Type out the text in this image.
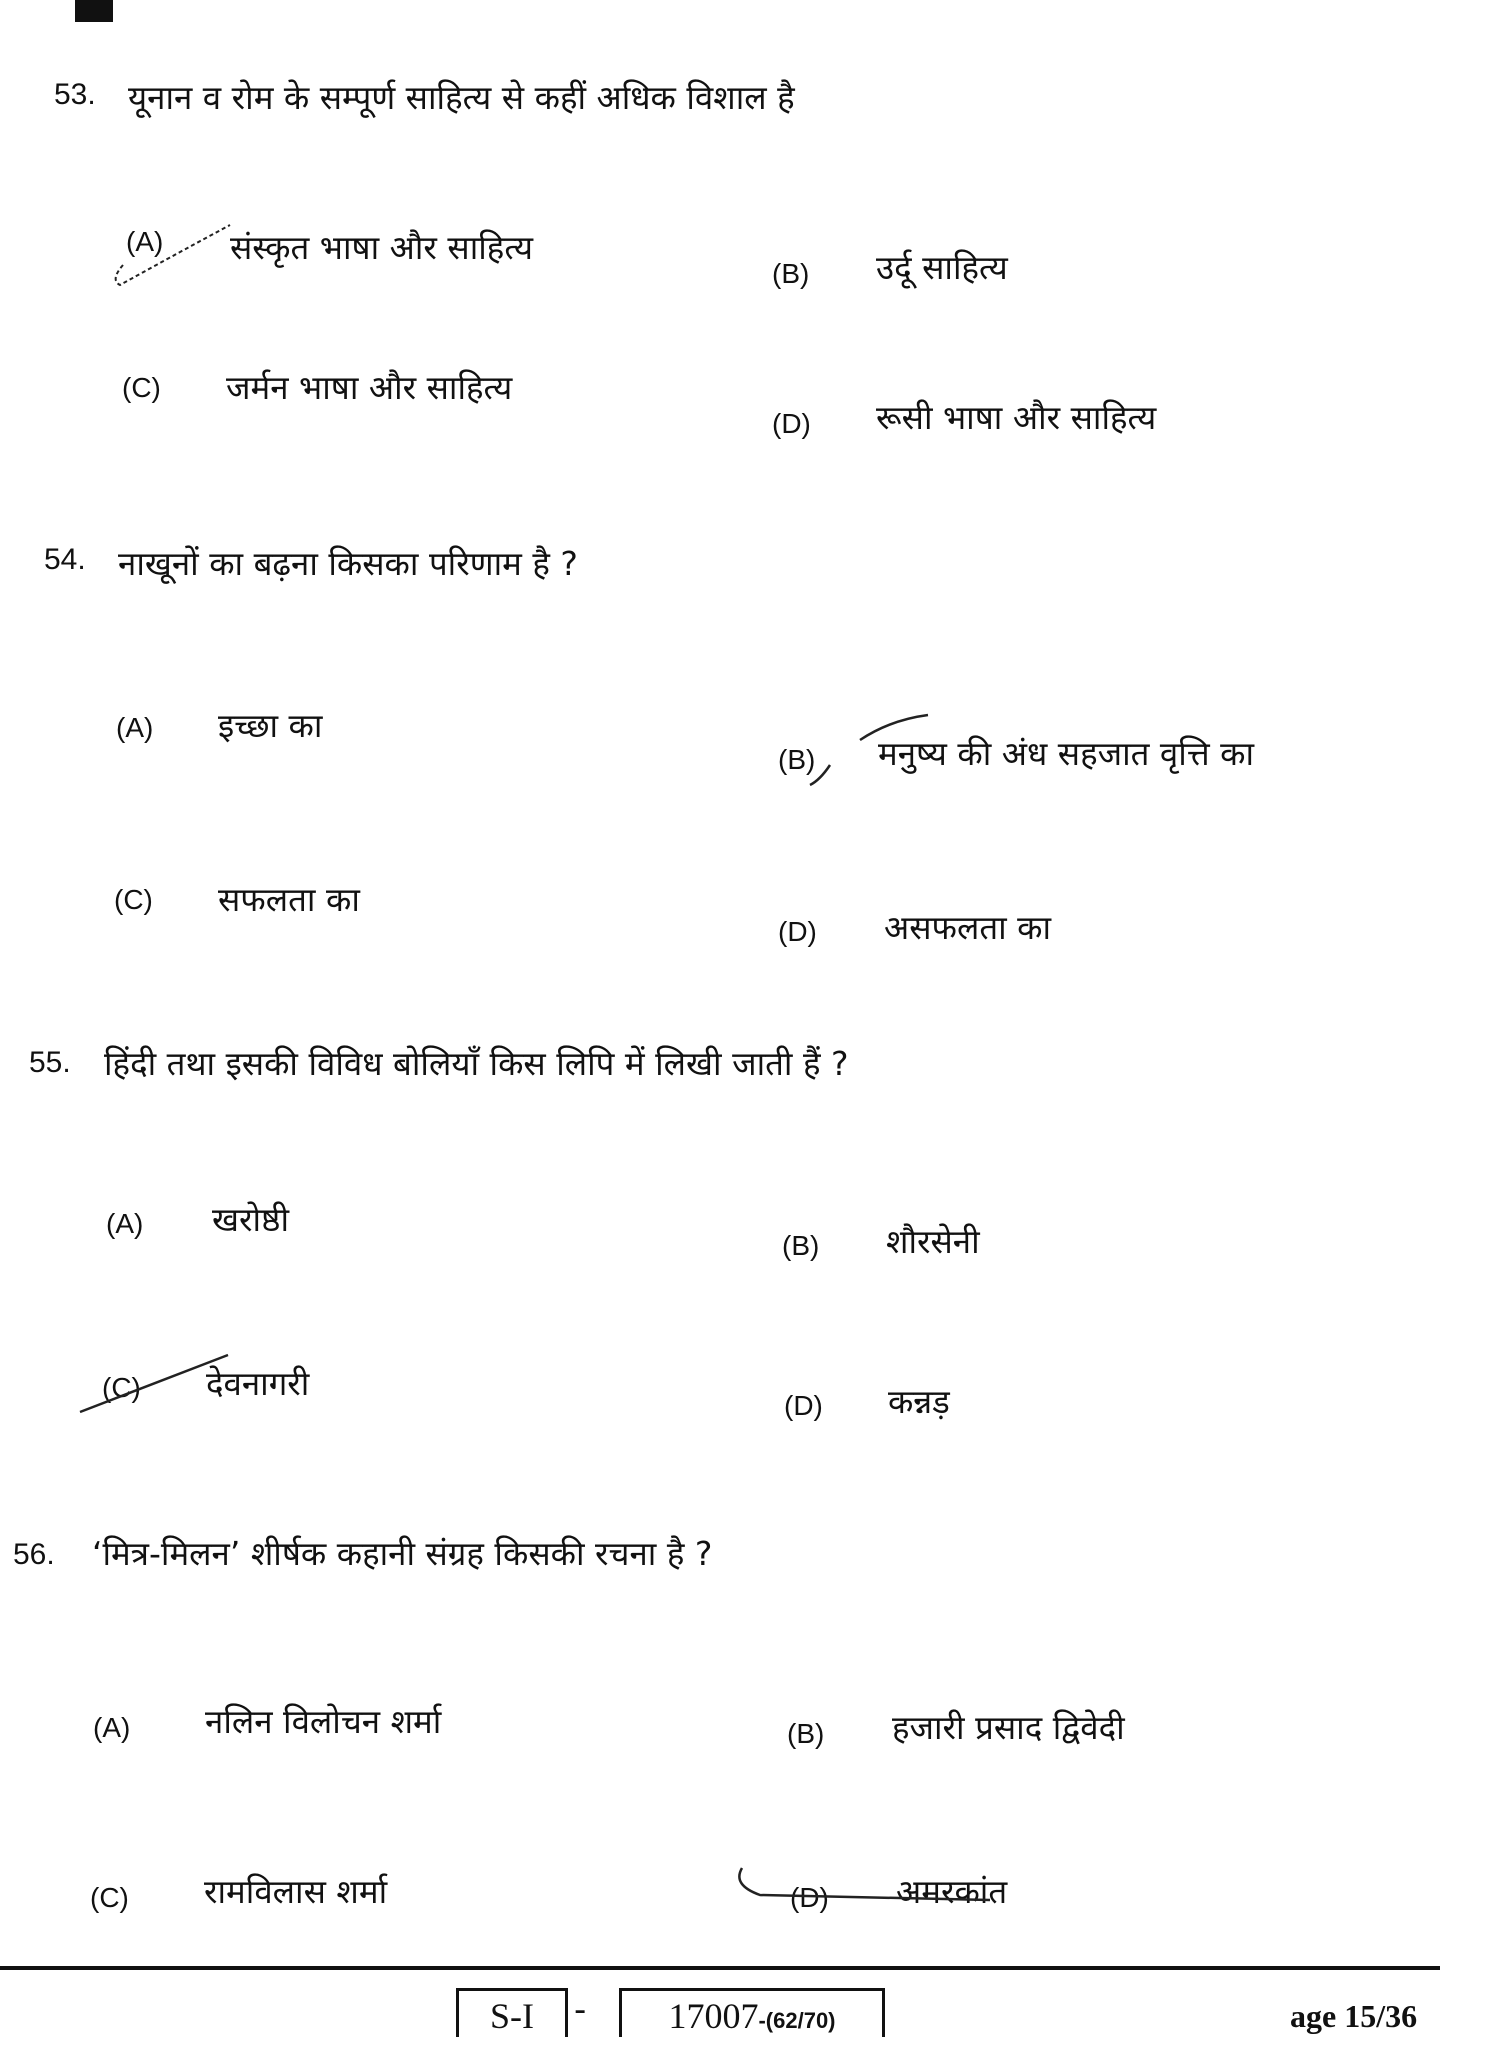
53. यूनान व रोम के सम्पूर्ण साहित्य से कहीं अधिक विशाल है
(A) संस्कृत भाषा और साहित्य
(B) उर्दू साहित्य
(C) जर्मन भाषा और साहित्य
(D) रूसी भाषा और साहित्य
54. नाखूनों का बढ़ना किसका परिणाम है ?
(A) इच्छा का
(B) मनुष्य की अंध सहजात वृत्ति का
(C) सफलता का
(D) असफलता का
55. हिंदी तथा इसकी विविध बोलियाँ किस लिपि में लिखी जाती हैं ?
(A) खरोष्ठी
(B) शौरसेनी
(C) देवनागरी
(D) कन्नड़
56. ‘मित्र-मिलन’ शीर्षक कहानी संग्रह किसकी रचना है ?
(A) नलिन विलोचन शर्मा	(B) हजारी प्रसाद द्विवेदी
(C) रामविलास शर्मा	(D) अमरकांत
S-I	-	17007-(62/70)	age 15/36
